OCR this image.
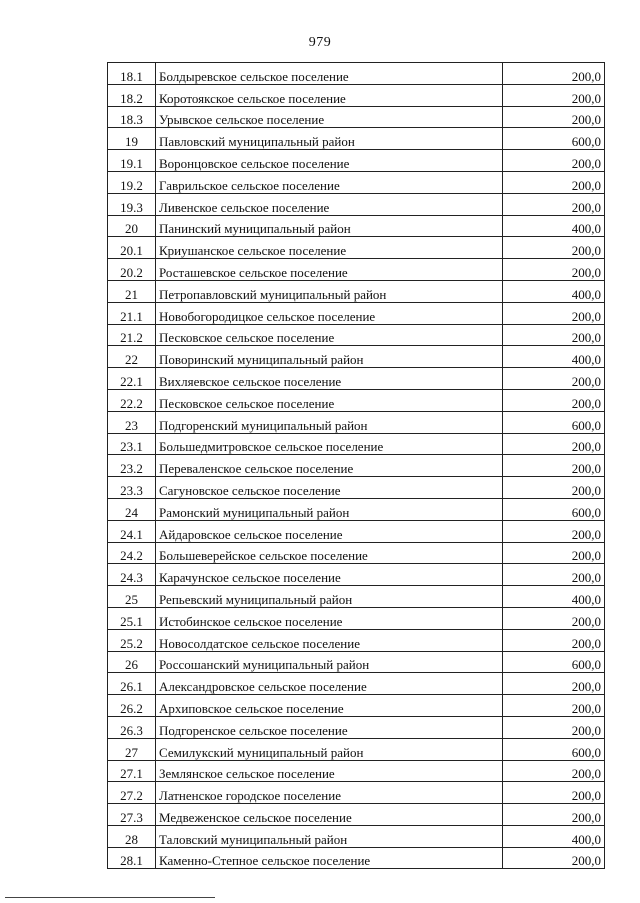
979
18.1	Болдыревское сельское поселение	200,0
18.2	Коротоякское сельское поселение	200,0
18.3	Урывское сельское поселение	200,0
19	Павловский муниципальный район	600,0
19.1	Воронцовское сельское поселение	200,0
19.2	Гаврильское сельское поселение	200,0
19.3	Ливенское сельское поселение	200,0
20	Панинский муниципальный район	400,0
20.1	Криушанское сельское поселение	200,0
20.2	Росташевское сельское поселение	200,0
21	Петропавловский муниципальный район	400,0
21.1	Новобогородицкое сельское поселение	200,0
21.2	Песковское сельское поселение	200,0
22	Поворинский муниципальный район	400,0
22.1	Вихляевское сельское поселение	200,0
22.2	Песковское сельское поселение	200,0
23	Подгоренский муниципальный район	600,0
23.1	Большедмитровское сельское поселение	200,0
23.2	Переваленское сельское поселение	200,0
23.3	Сагуновское сельское поселение	200,0
24	Рамонский муниципальный район	600,0
24.1	Айдаровское сельское поселение	200,0
24.2	Большеверейское сельское поселение	200,0
24.3	Карачунское сельское поселение	200,0
25	Репьевский муниципальный район	400,0
25.1	Истобинское сельское поселение	200,0
25.2	Новосолдатское сельское поселение	200,0
26	Россошанский муниципальный район	600,0
26.1	Александровское сельское поселение	200,0
26.2	Архиповское сельское поселение	200,0
26.3	Подгоренское сельское поселение	200,0
27	Семилукский муниципальный район	600,0
27.1	Землянское сельское поселение	200,0
27.2	Латненское городское поселение	200,0
27.3	Медвеженское сельское поселение	200,0
28	Таловский муниципальный район	400,0
28.1	Каменно-Степное сельское поселение	200,0
